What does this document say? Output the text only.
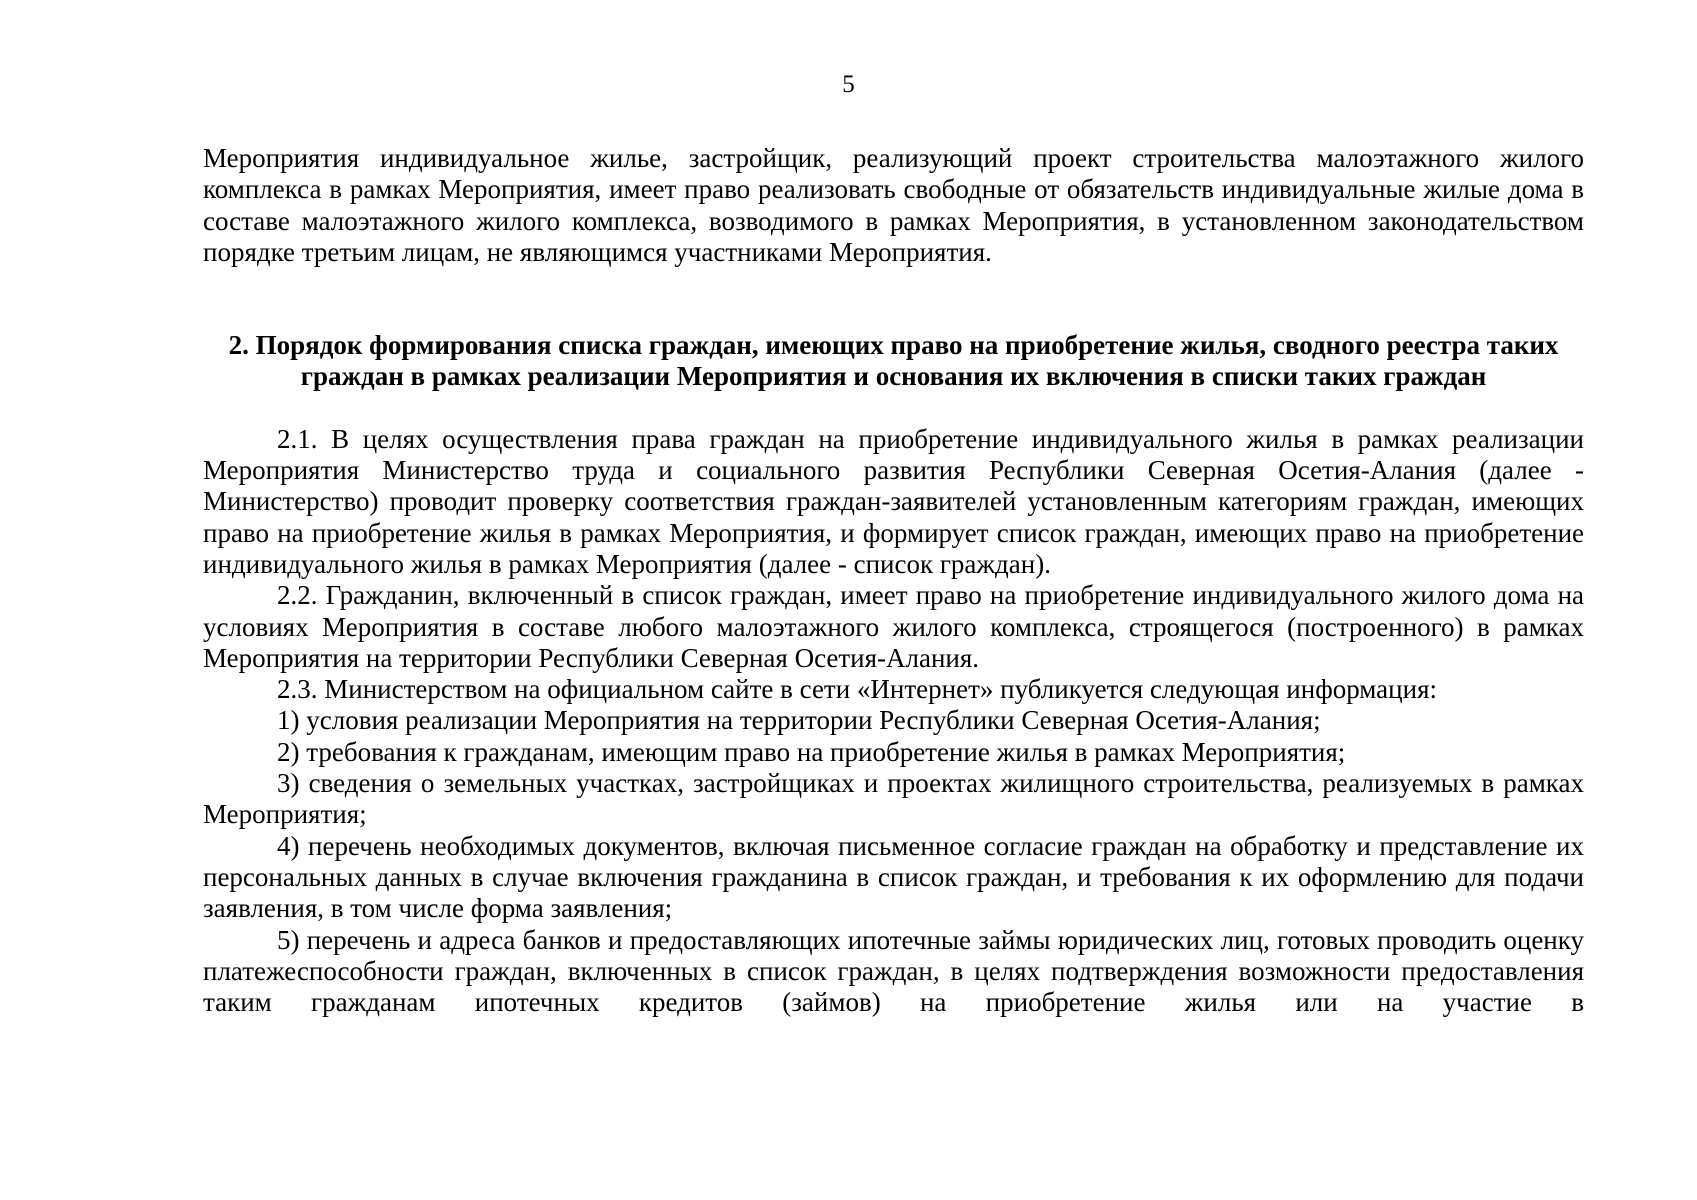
5

Мероприятия индивидуальное жилье, застройщик, реализующий проект строительства малоэтажного жилого комплекса в рамках Мероприятия, имеет право реализовать свободные от обязательств индивидуальные жилые дома в составе малоэтажного жилого комплекса, возводимого в рамках Мероприятия, в установленном законодательством порядке третьим лицам, не являющимся участниками Мероприятия.

2. Порядок формирования списка граждан, имеющих право на приобретение жилья, сводного реестра таких граждан в рамках реализации Мероприятия и основания их включения в списки таких граждан

2.1. В целях осуществления права граждан на приобретение индивидуального жилья в рамках реализации Мероприятия Министерство труда и социального развития Республики Северная Осетия-Алания (далее - Министерство) проводит проверку соответствия граждан-заявителей установленным категориям граждан, имеющих право на приобретение жилья в рамках Мероприятия, и формирует список граждан, имеющих право на приобретение индивидуального жилья в рамках Мероприятия (далее - список граждан).

2.2. Гражданин, включенный в список граждан, имеет право на приобретение индивидуального жилого дома на условиях Мероприятия в составе любого малоэтажного жилого комплекса, строящегося (построенного) в рамках Мероприятия на территории Республики Северная Осетия-Алания.

2.3. Министерством на официальном сайте в сети «Интернет» публикуется следующая информация:

1) условия реализации Мероприятия на территории Республики Северная Осетия-Алания;

2) требования к гражданам, имеющим право на приобретение жилья в рамках Мероприятия;

3) сведения о земельных участках, застройщиках и проектах жилищного строительства, реализуемых в рамках Мероприятия;

4) перечень необходимых документов, включая письменное согласие граждан на обработку и представление их персональных данных в случае включения гражданина в список граждан, и требования к их оформлению для подачи заявления, в том числе форма заявления;

5) перечень и адреса банков и предоставляющих ипотечные займы юридических лиц, готовых проводить оценку платежеспособности граждан, включенных в список граждан, в целях подтверждения возможности предоставления таким гражданам ипотечных кредитов (займов) на приобретение жилья или на участие в
